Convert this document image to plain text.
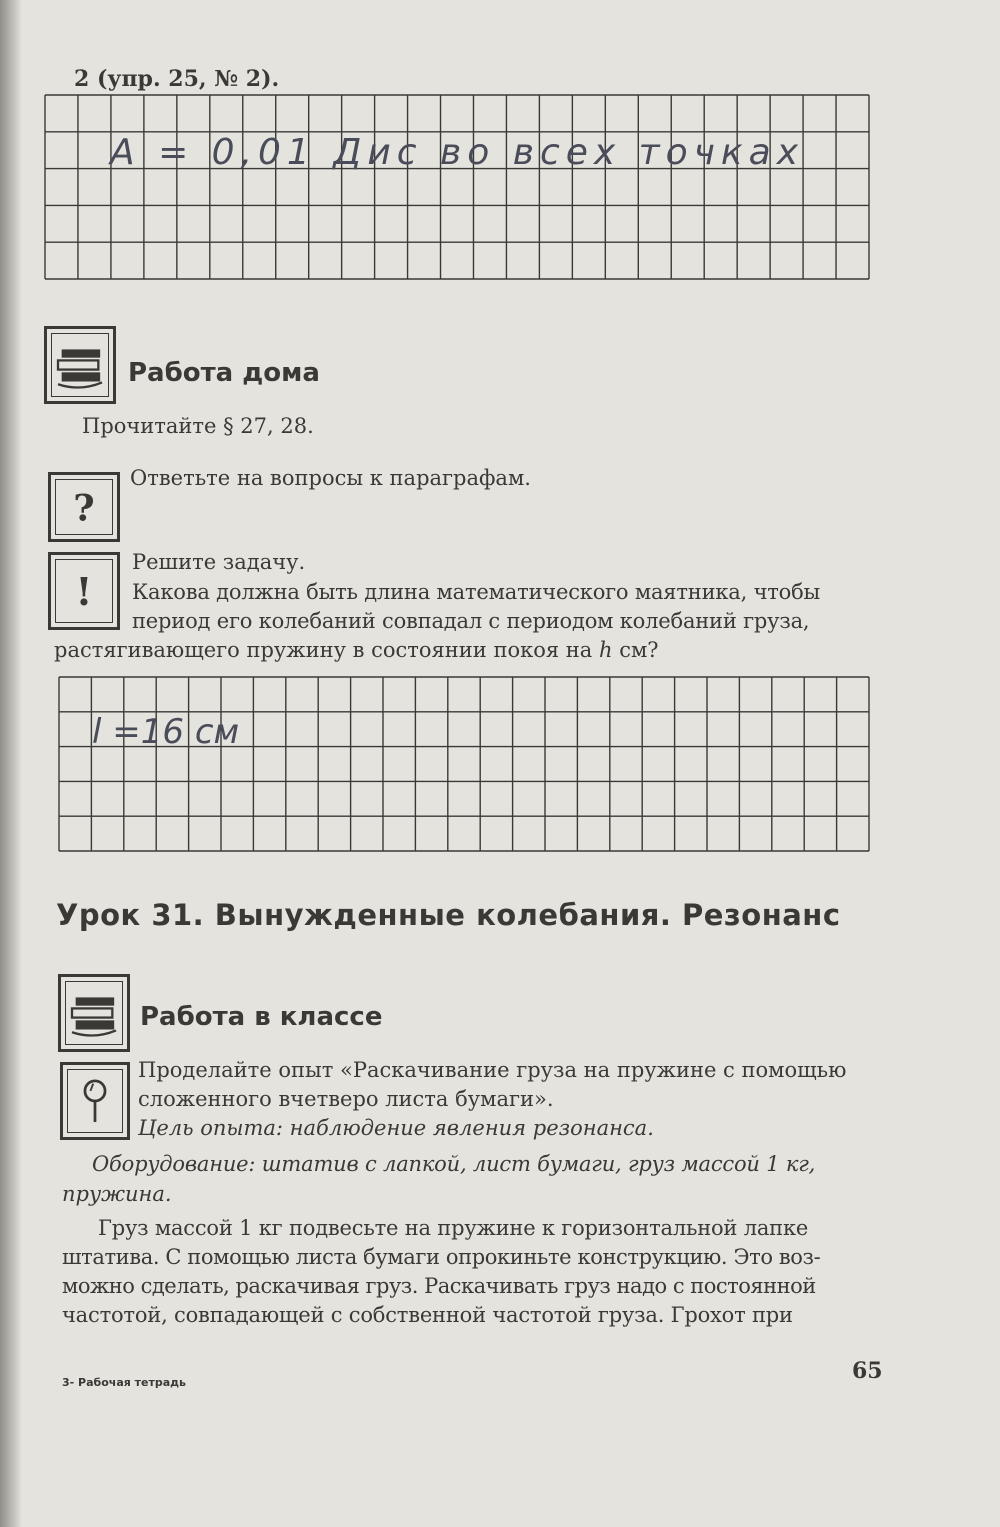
2 (упр. 25, № 2).
A = 0,01 Дис во всех точках
Работа дома
Прочитайте § 27, 28.
?
Ответьте на вопросы к параграфам.
!
Решите задачу.
Какова должна быть длина математического маятника, чтобы
период его колебаний совпадал с периодом колебаний груза,
растягивающего пружину в состоянии покоя на h см?
l =16 см
Урок 31. Вынужденные колебания. Резонанс
Работа в классе
Проделайте опыт «Раскачивание груза на пружине с помощью
сложенного вчетверо листа бумаги».
Цель опыта: наблюдение явления резонанса.
Оборудование: штатив с лапкой, лист бумаги, груз массой 1 кг,
пружина.
Груз массой 1 кг подвесьте на пружине к горизонтальной лапке
штатива. С помощью листа бумаги опрокиньте конструкцию. Это воз-
можно сделать, раскачивая груз. Раскачивать груз надо с постоянной
частотой, совпадающей с собственной частотой груза. Грохот при
3- Рабочая тетрадь	65
